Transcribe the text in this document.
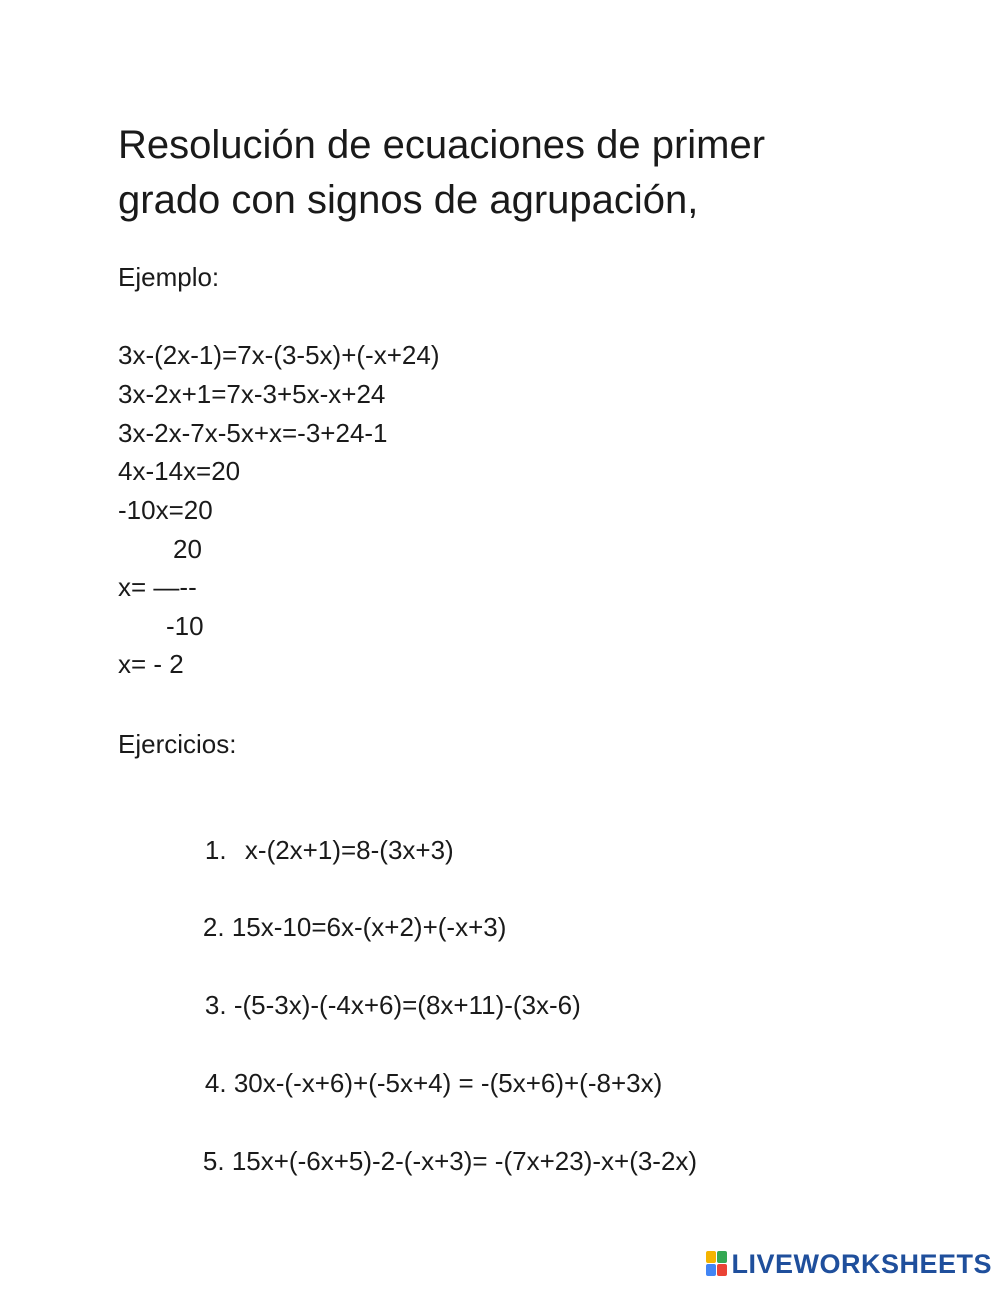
Resolución de ecuaciones de primer grado con signos de agrupación,

Ejemplo:

3x-(2x-1)=7x-(3-5x)+(-x+24)

3x-2x+1=7x-3+5x-x+24

3x-2x-7x-5x+x=-3+24-1

4x-14x=20

-10x=20

20

x= —--

-10

x= - 2

Ejercicios:

1. x-(2x+1)=8-(3x+3)

2. 15x-10=6x-(x+2)+(-x+3)

3. -(5-3x)-(-4x+6)=(8x+11)-(3x-6)

4. 30x-(-x+6)+(-5x+4) = -(5x+6)+(-8+3x)

5. 15x+(-6x+5)-2-(-x+3)= -(7x+23)-x+(3-2x)

LIVEWORKSHEETS
